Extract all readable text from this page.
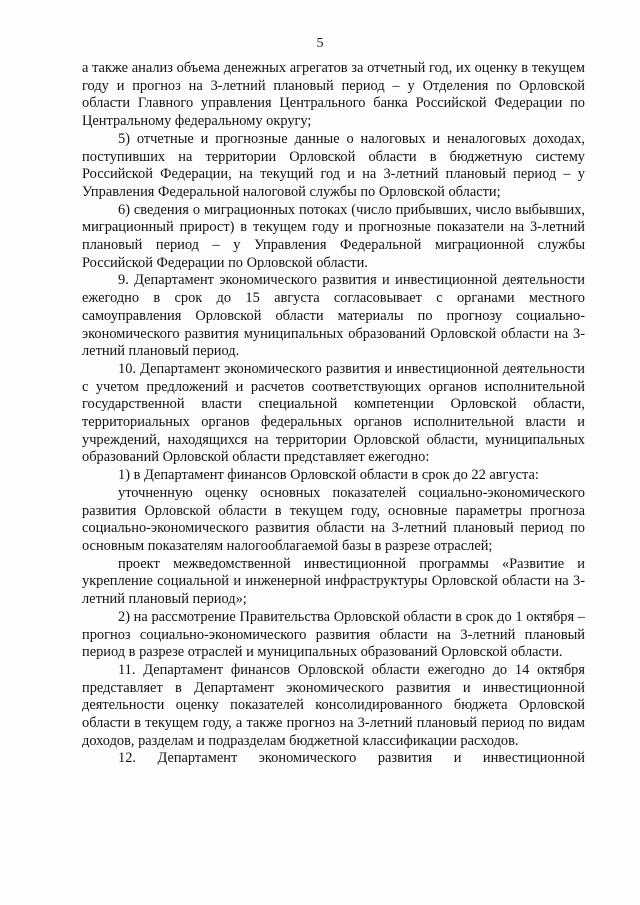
5

а также анализ объема денежных агрегатов за отчетный год, их оценку в текущем году и прогноз на 3-летний плановый период – у Отделения по Орловской области Главного управления Центрального банка Российской Федерации по Центральному федеральному округу;

5) отчетные и прогнозные данные о налоговых и неналоговых доходах, поступивших на территории Орловской области в бюджетную систему Российской Федерации, на текущий год и на 3-летний плановый период – у Управления Федеральной налоговой службы по Орловской области;

6) сведения о миграционных потоках (число прибывших, число выбывших, миграционный прирост) в текущем году и прогнозные показатели на 3-летний плановый период – у Управления Федеральной миграционной службы Российской Федерации по Орловской области.

9. Департамент экономического развития и инвестиционной деятельности ежегодно в срок до 15 августа согласовывает с органами местного самоуправления Орловской области материалы по прогнозу социально-экономического развития муниципальных образований Орловской области на 3-летний плановый период.

10. Департамент экономического развития и инвестиционной деятельности с учетом предложений и расчетов соответствующих органов исполнительной государственной власти специальной компетенции Орловской области, территориальных органов федеральных органов исполнительной власти и учреждений, находящихся на территории Орловской области, муниципальных образований Орловской области представляет ежегодно:

1) в Департамент финансов Орловской области в срок до 22 августа:

уточненную оценку основных показателей социально-экономического развития Орловской области в текущем году, основные параметры прогноза социально-экономического развития области на 3-летний плановый период по основным показателям налогооблагаемой базы в разрезе отраслей;

проект межведомственной инвестиционной программы «Развитие и укрепление социальной и инженерной инфраструктуры Орловской области на 3-летний плановый период»;

2) на рассмотрение Правительства Орловской области в срок до 1 октября – прогноз социально-экономического развития области на 3-летний плановый период в разрезе отраслей и муниципальных образований Орловской области.

11. Департамент финансов Орловской области ежегодно до 14 октября представляет в Департамент экономического развития и инвестиционной деятельности оценку показателей консолидированного бюджета Орловской области в текущем году, а также прогноз на 3-летний плановый период по видам доходов, разделам и подразделам бюджетной классификации расходов.

12. Департамент экономического развития и инвестиционной
